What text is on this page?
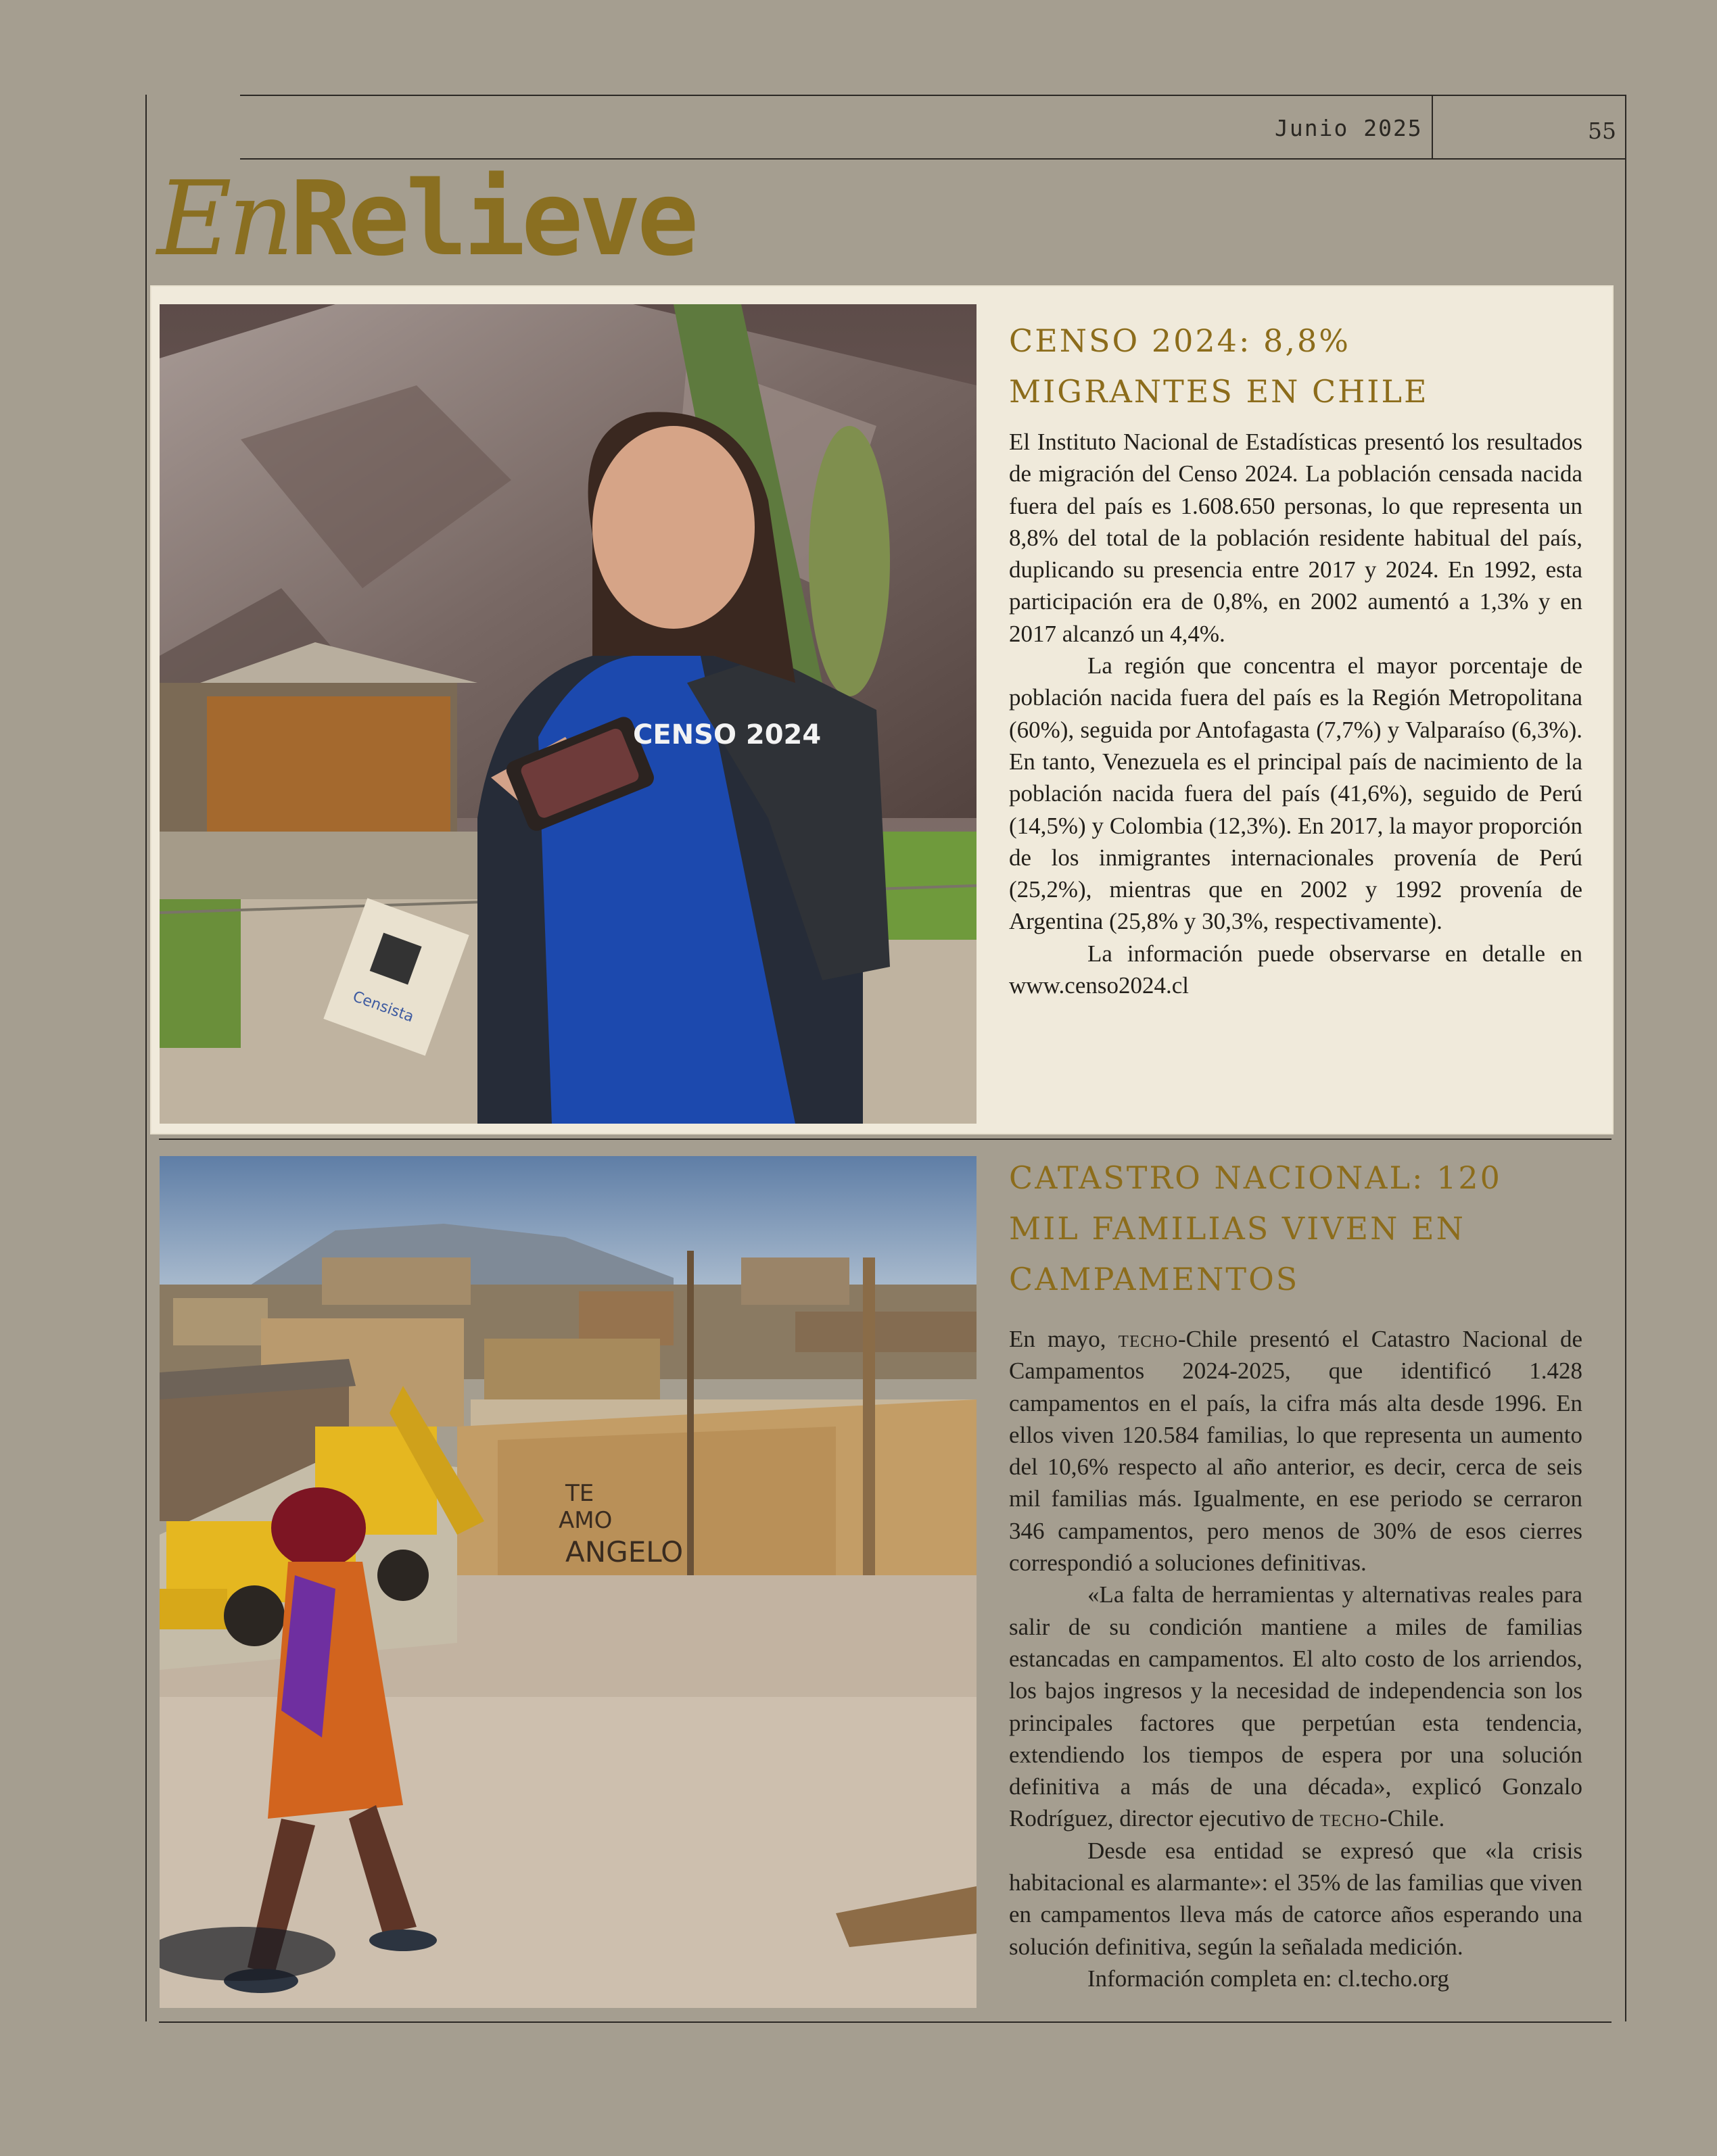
Junio 2025	55
EnRelieve
CENSO 2024
Censista
CENSO 2024: 8,8% MIGRANTES EN CHILE

El Instituto Nacional de Estadísticas presentó los resultados de migración del Censo 2024. La población censada nacida fuera del país es 1.608.650 personas, lo que representa un 8,8% del total de la población residente habitual del país, duplicando su presencia entre 2017 y 2024. En 1992, esta participación era de 0,8%, en 2002 aumentó a 1,3% y en 2017 alcanzó un 4,4%.

La región que concentra el mayor porcentaje de población nacida fuera del país es la Región Metropolitana (60%), seguida por Antofagasta (7,7%) y Valparaíso (6,3%). En tanto, Venezuela es el principal país de nacimiento de la población nacida fuera del país (41,6%), seguido de Perú (14,5%) y Colombia (12,3%). En 2017, la mayor proporción de los inmigrantes internacionales provenía de Perú (25,2%), mientras que en 2002 y 1992 provenía de Argentina (25,8% y 30,3%, respectivamente).

La información puede observarse en detalle en www.censo2024.cl

TE
AMO
ANGELO
CATASTRO NACIONAL: 120 MIL FAMILIAS VIVEN EN CAMPAMENTOS

En mayo, techo-Chile presentó el Catastro Nacional de Campamentos 2024-2025, que identificó 1.428 campamentos en el país, la cifra más alta desde 1996. En ellos viven 120.584 familias, lo que representa un aumento del 10,6% respecto al año anterior, es decir, cerca de seis mil familias más. Igualmente, en ese periodo se cerraron 346 campamentos, pero menos de 30% de esos cierres correspondió a soluciones definitivas.

«La falta de herramientas y alternativas reales para salir de su condición mantiene a miles de familias estancadas en campamentos. El alto costo de los arriendos, los bajos ingresos y la necesidad de independencia son los principales factores que perpetúan esta tendencia, extendiendo los tiempos de espera por una solución definitiva a más de una década», explicó Gonzalo Rodríguez, director ejecutivo de techo-Chile.

Desde esa entidad se expresó que «la crisis habitacional es alarmante»: el 35% de las familias que viven en campamentos lleva más de catorce años esperando una solución definitiva, según la señalada medición.

Información completa en: cl.techo.org
